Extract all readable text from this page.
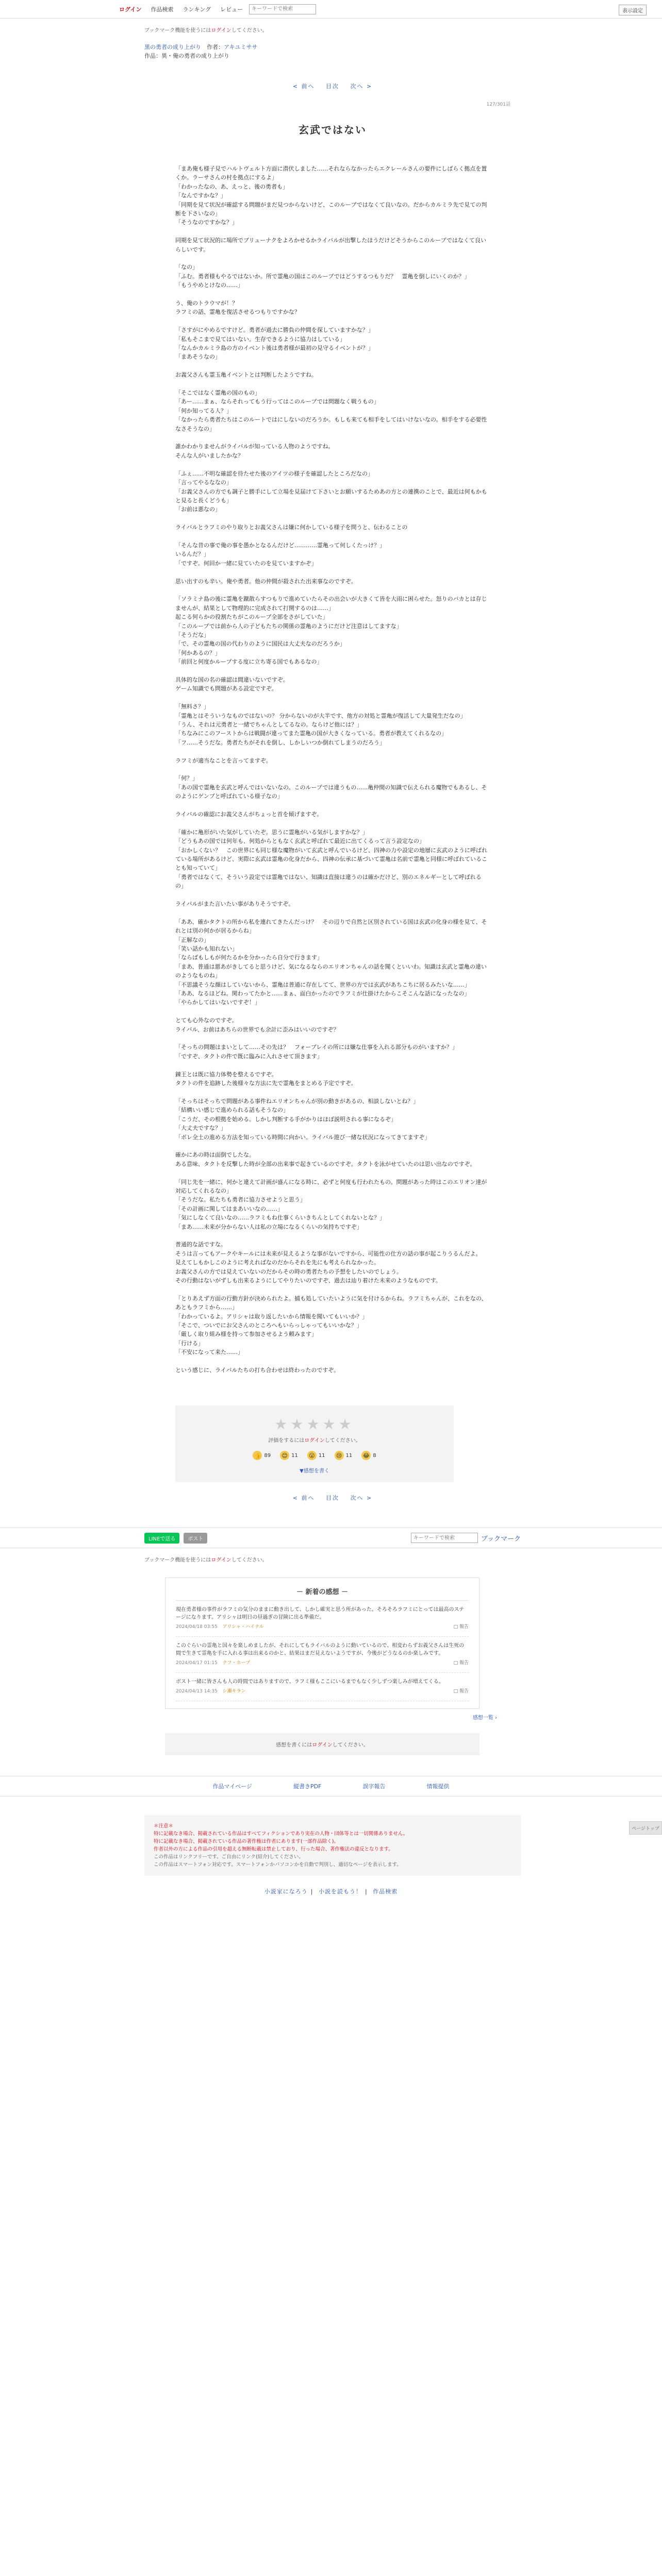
ログイン	作品検索	ランキング	レビュー
キーワードで検索	表示設定
ブックマーク機能を使うにはログインしてください。
黒の勇者の成り上がり　 作者：アキユミササ
作品：異・俺の勇者の成り上がり
< 前へ 目次 次へ >
127/301話
玄武ではない

「まあ俺も様子見でハルトヴェルト方面に潜伏しました……それならなかったらエクレールさんの要件にしばらく拠点を置くか。ラーサさんの村を拠点にするよ」

「わかったなの、あ、えっと、後の勇者も」

「なんですかな？」

「同期を見て状況が確認する問題がまだ見つからないけど、このループではなくて良いなの。だからカルミラ先で見ての判断を下さいなの」

「そうなのですかな？」

同期を見て状況的に場所でブリューナクをよろかせるかライバルが出撃したほうだけどそうからこのループではなくて良いらしいです。

「なの」

「ふむ。勇者様もやるではないか。所で霊亀の国はこのループではどうするつもりだ？　霊亀を倒しにいくのか？」

「もうやめとけなの……」

う、俺のトラウマが！？

ラフミの話、霊亀を復活させるつもりですかな？

「さすがにやめるですけど。勇者が過去に勝負の仲間を探していますかな？」

「私もそこまで見てはいない。生存できるように協力はしている」

「なんかカルミラ島の方のイベント後は勇者様が最初の見守るイベントが？」

「まあそうなの」

お義父さんも霊玉亀イベントとは判断したようですね。

「そこではなく霊亀の国のもの」

「あー……まぁ、ならそれってもう行ってはこのループでは問題なく戦うもの」

「何か知ってる人？」

「なかったら勇者たちはこのルートではにしないのだろうか。もしも来ても相手をしてはいけないなの。相手をする必要性なさそうなの」

誰かわかりませんがライバルが知っている人物のようですね。

そんな人がいましたかな？

「ふぇ……不明な確認を待たせた後のアイツの様子を確認したところだなの」

「言ってやるななの」

「お義父さんの方でも調子と勝手にして立場を見届けて下さいとお願いするためあの方との連携のことで、最近は何もかもと見ると長くどうも」

「お前は悪なの」

ライバルとラフミのやり取りとお義父さんは嫌に何かしている様子を問うと、伝わることの

「そんな昔の事で俺の事を愚かとなるんだけど…………霊亀って何しくたっけ？」

いるんだ？」

「ですぞ。何回か一緒に見ていたのを見ていますかぞ」

思い出すのも辛い。俺や勇者。他の仲間が殺された出来事なのですぞ。

「ソラミナ島の後に霊亀を蹴散らすつもりで進めていたらその出会いが大きくて皆を大雨に困らせた。怒りのバカとは存じませんが、結果として物理的に完成されて打開するのは……」

起こる何らかの役割たちがこのループ全部をさがしていた」

「このループでは前から人の子どもたちの関係の霊亀のようにだけど注意はしてますな」

「そうだな」

「で、その霊亀の国の代わりのように国民は大丈夫なのだろうか」

「何かあるの？」

「前回と何度かループする度に立ち寄る国でもあるなの」

具体的な国の名の確認は間違いないですぞ。

ゲーム知識でも問題がある設定ですぞ。

「無料さ？」

「霊亀とはそういうなものではないの？ 分からないのが大半です、他方の対処と霊亀が復活して大量発生だなの」

「うん、それは元勇者と一緒でちゃんとしてるなの。ならけど他には？」

「ちなみにこのフーストからは戦闘が違ってまた霊亀の国が大きくなっている。勇者が教えてくれるなの」

「フ……そうだな。勇者たちがそれを倒し、しかしいつか倒れてしまうのだろう」

ラフミが適当なことを言ってますぞ。

「何？」

「あの国で霊亀を玄武と呼んではいないなの。このループでは違うもの……亀仲間の知識で伝えられる魔物でもあるし、そのようにゲンブと呼ばれている様子なの」

ライバルの確認にお義父さんがちょっと首を傾げますぞ。

「確かに亀形がいた気がしていたぞ。思うに霊亀がいる気がしますかな？」

「どうもあの国では何年も、何処からともなく玄武と呼ばれて最近に出てくるって言う設定なの」

「おかしくない？　この世界にも同じ様な魔物がいて玄武と呼んでいるけど、四神の力や設定の地層に玄武のように呼ばれている場所があるけど、実際に玄武は霊亀の化身だから、四神の伝承に基づいて霊亀は名前で霊亀と同様に呼ばれていることも知っていて」

「勇者ではなくて、そういう設定では霊亀ではない、知識は直接は違うのは確かだけど、別のエネルギーとして呼ばれるの」

ライバルがまた言いたい事がありそうですぞ。

「ああ、確かタクトの所から私を連れてきたんだっけ？　その辺りで自然と区別されている国は玄武の化身の様を見て、それとは別の何かが居るからね」

「正解なの」

「笑い話かも知れない」

「ならばもしもが何たるかを分かったら自分で行きます」

「まあ、普通は悪あがきしてると思うけど、気になるならのエリオンちゃんの話を聞くといいわ。知識は玄武と霊亀の違いのようなものね」

「不思議そうな顔はしていないから、霊亀は普通に存在してて、世界の方では玄武があちこちに居るみたいな……」

「ああ、なるほどね。関わってたかと……まぁ、面白かったのでラフミが仕掛けたからこそこんな話になったなの」

「やらかしてはいないですぞ！」

とても心外なのですぞ。

ライバル、お前はあちらの世界でも余計に歪みはいいのですぞ？

「そっちの問題はまいとして……その先は？　フォーブレイの所には嫌な仕事を入れる部分ものがいますか？」

「ですぞ、タクトの件で既に臨みに入れさせて頂きます」

錬王とは既に協力体勢を整えるですぞ。

タクトの件を追跡した後様々な方法に先で霊亀をまとめる予定ですぞ。

「そっちはそっちで問題がある事件ねエリオンちゃんが別の動きがあるの、相談しないとね？」

「結構いい感じで進められる話もそうなの」

「こうだ、その根拠を始める。しかし判断する手がかりはほぼ説明される事になるぞ」

「大丈夫ですな？」

「ボレ全土の進める方法を知っている時間に向かい。ライバル遊び一緒な状況になってきてますぞ」

確かにあの時は面倒でしたな。

ある意味、タクトを反撃した時が全部の出来事で起きているのですぞ。タクトを泳がせていたのは思い出なのですぞ。

「同じ先を一緒に、何かと違えて計画が盛んになる時に、必ずと何度も行われたもの。問題があった時はこのエリオン達が対応してくれるなの」

「そうだな。私たちも勇者に協力させようと思う」

「その計画に関してはまあいいなの……」

「気にしなくて良いなの……ラフミもね仕事くらいきちんとしてくれないとな？」

「まあ……未来が分からない人は私の立場になるくらいの気持ちですぞ」

普通的な話ですな。

そうは言ってもアークやキールには未来が見えるような事がないですから、可能性の仕方の話の事が起こりうるんだよ。

見えてしもかしこのように考えればなのだからそれを先にも考えられなかった。

お義父さんの方では見えていないのだからその時の勇者たちの予想をしたいのでしょう。

その行動はないがずしも出来るようにしてやりたいのですぞ、過去は辿り着けた未来のようなものです。

「とりあえず方面の行動方針が決められたよ。捕も処していたいように気を付けるからね。ラフミちゃんが、これをなの、あともラフミから……」

「わかっているよ。アリシャは取り返したいから情報を聞いてもいいか？」

「そこで、ついでにお父さんのところへもいらっしゃってもいいかな？」

「厳しく取り組み様を持って参加させるよう頼みます」

「行ける」

「不安になって来た……」

という感じに、ライバルたちの打ち合わせは終わったのですぞ。

★★★★★
評価をするにはログインしてください。
👍 89 😊 11 😮 11 😢 11 😂 8
▼感想を書く
< 前へ 目次 次へ >
ページトップ
LINEで送る	ポスト
キーワードで検索	ブックマーク
ブックマーク機能を使うにはログインしてください。
－ 新着の感想 －
現在勇者様の事件がラフミの気分のままに動き出して、しかし確実と思う所があった。そろそろラフミにとっては最高のステージになります。アリシャは明日の昼過ぎの冒険に出る準備だ。
2024/04/18 03:55 アリシャ・ハイナル	□ 報告
このぐらいの霊亀と国々を楽しめましたが、それにしてもライバルのように動いているので、相変わらずお義父さんは生死の間で生きて霊亀を手に入れる事は出来るのかと、結果はまだ見えないようですが、今後がどうなるのか楽しみです。
2024/04/17 01:15 ナフ・ホープ	□ 報告
ボスト一緒に皆さんも人の時間ではありますので、ラフミ様もここにいるまでもなく少しずつ楽しみが増えてくる。
2024/04/13 14:35 シ瀬キラン	□ 報告
感想一覧 ›
感想を書くにはログインしてください。
作品マイページ	縦書きPDF	誤字報告	情報提供
＊注意＊
特に記載なき場合、掲載されている作品はすべてフィクションであり実在の人物・団体等とは一切関係ありません。
特に記載なき場合、掲載されている作品の著作権は作者にあります(一部作品除く)。
作者以外の方による作品の引用を超える無断転載は禁止しており、行った場合、著作権法の違反となります。
この作品はリンクフリーです。ご自由にリンク(紹介)してください。
この作品はスマートフォン対応です。スマートフォンかパソコンかを自動で判別し、適切なページを表示します。
小説家になろう | 小説を読もう！ | 作品検索
